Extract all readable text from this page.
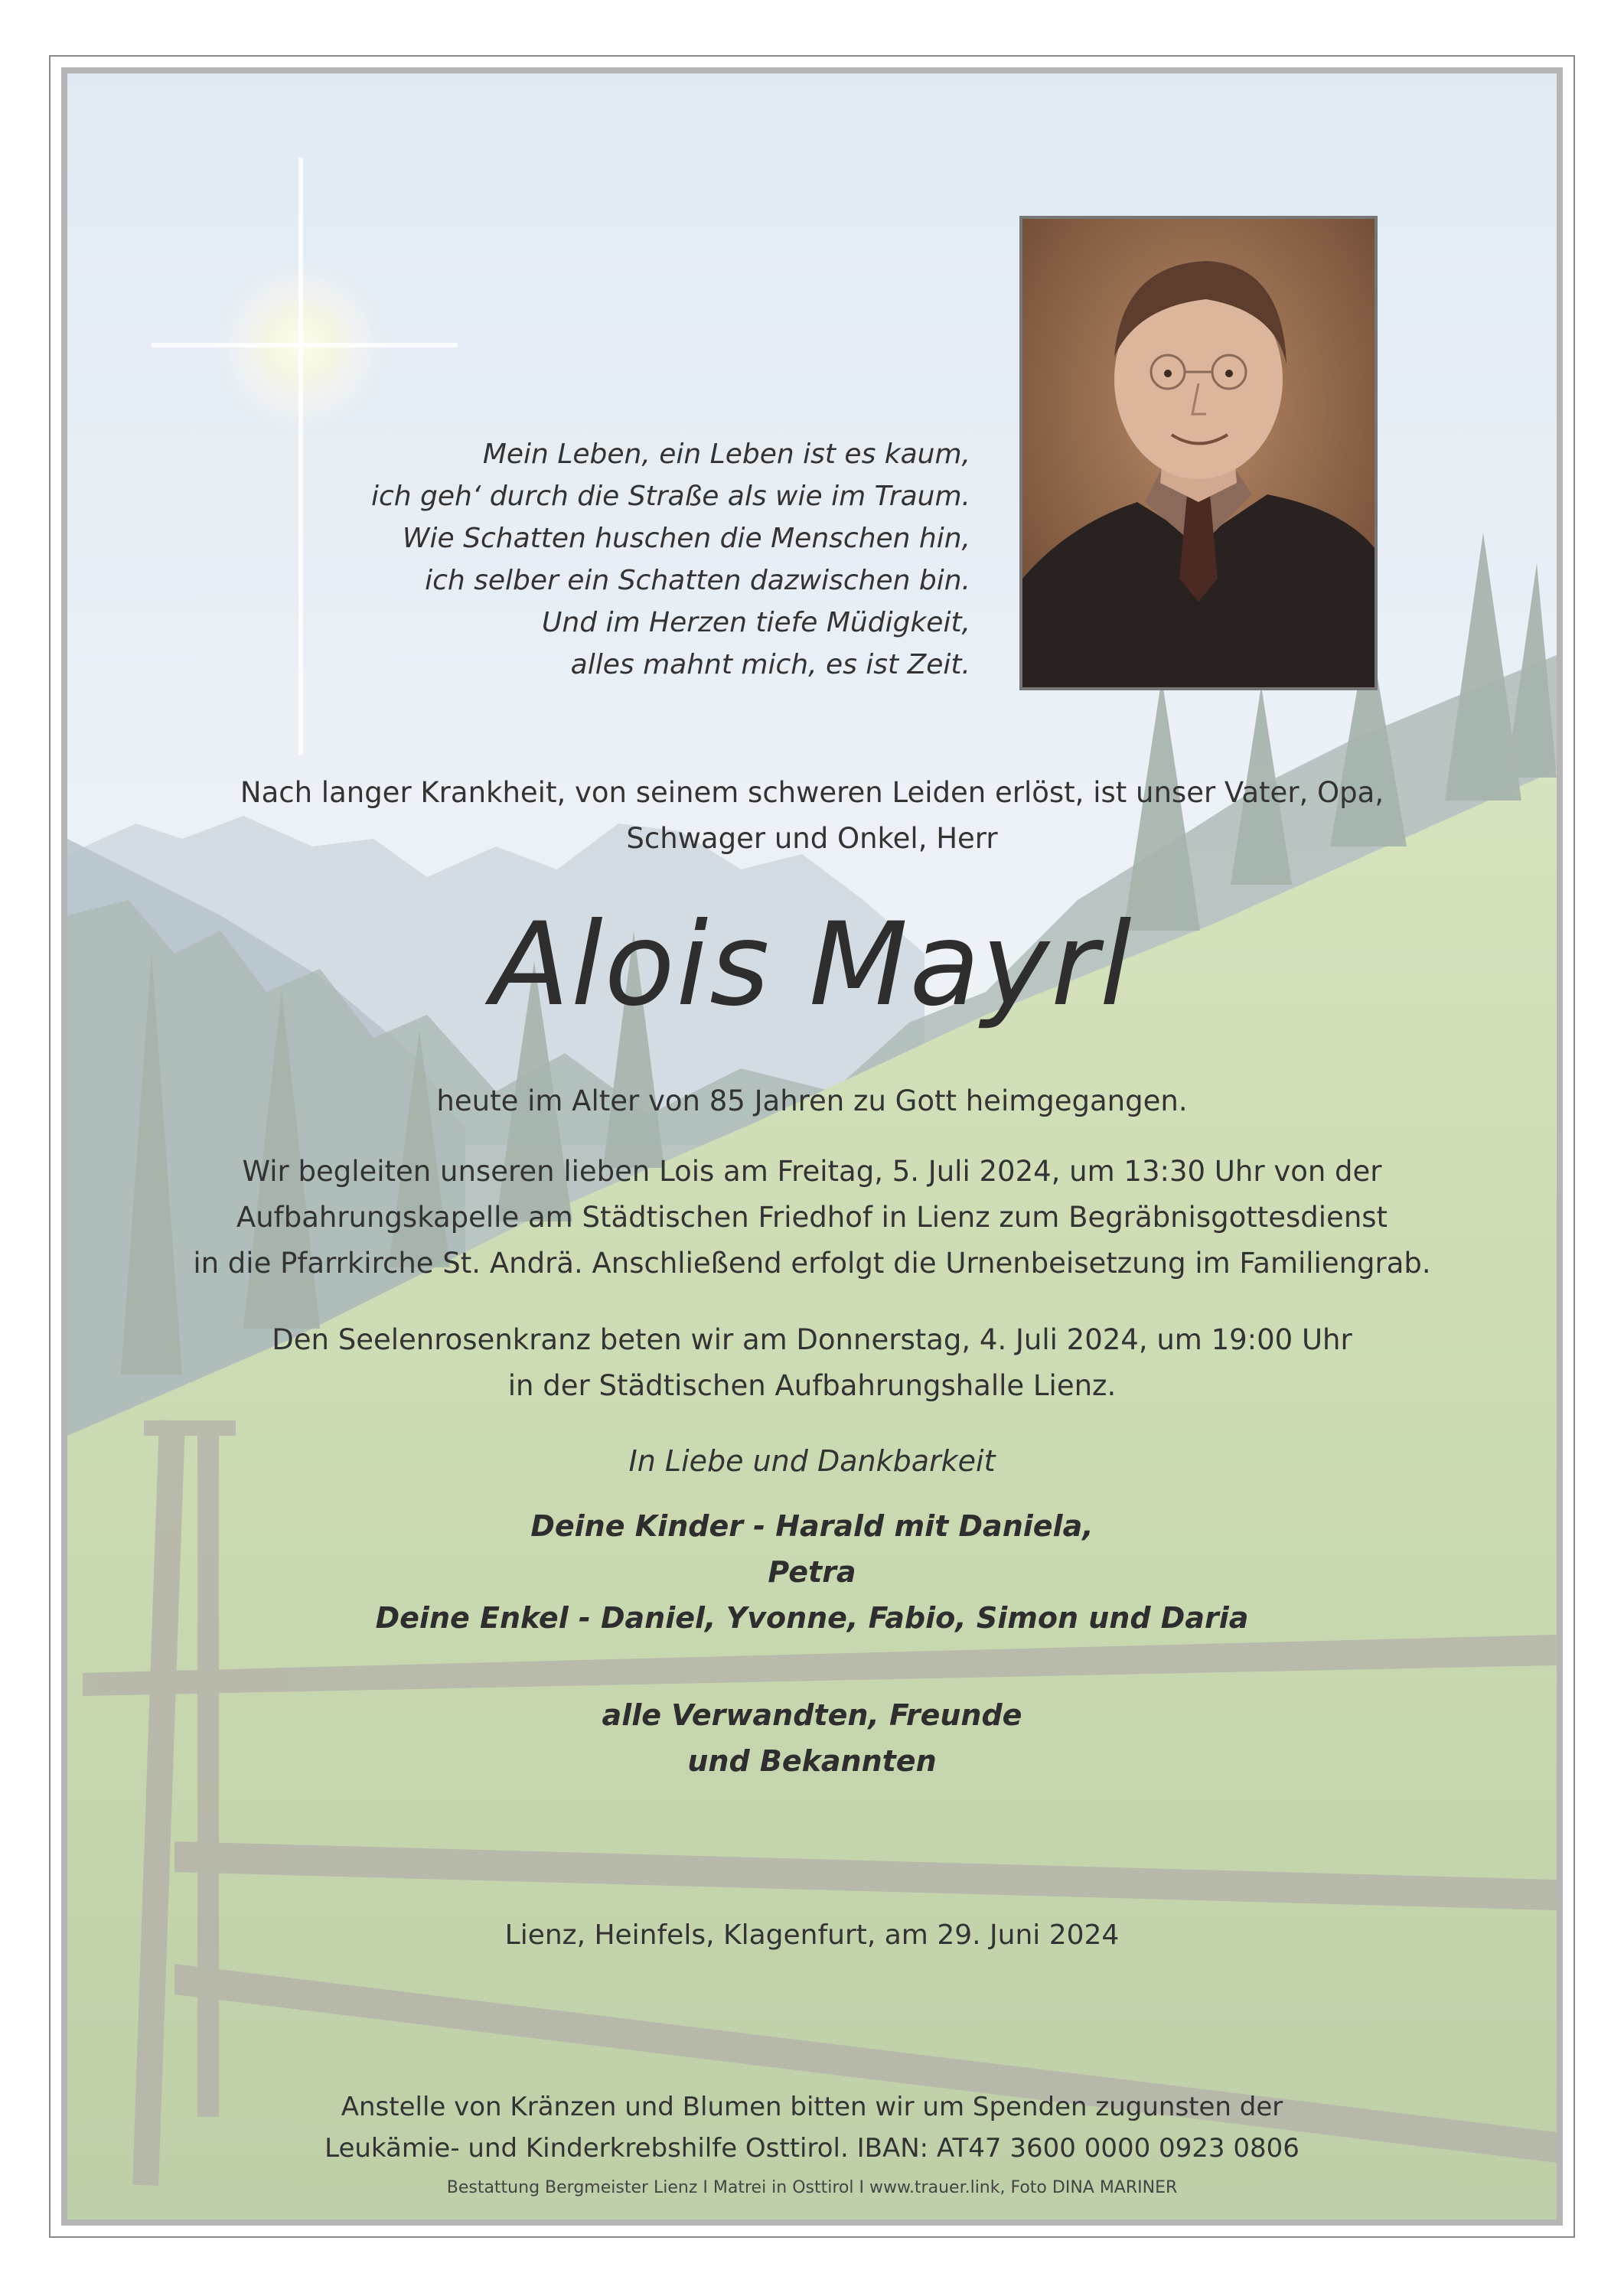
Mein Leben, ein Leben ist es kaum,
ich geh‘ durch die Straße als wie im Traum.
Wie Schatten huschen die Menschen hin,
ich selber ein Schatten dazwischen bin.
Und im Herzen tiefe Müdigkeit,
alles mahnt mich, es ist Zeit.
Nach langer Krankheit, von seinem schweren Leiden erlöst, ist unser Vater, Opa,
Schwager und Onkel, Herr
Alois Mayrl
heute im Alter von 85 Jahren zu Gott heimgegangen.
Wir begleiten unseren lieben Lois am Freitag, 5. Juli 2024, um 13:30 Uhr von der
Aufbahrungskapelle am Städtischen Friedhof in Lienz zum Begräbnisgottesdienst
in die Pfarrkirche St. Andrä. Anschließend erfolgt die Urnenbeisetzung im Familiengrab.
Den Seelenrosenkranz beten wir am Donnerstag, 4. Juli 2024, um 19:00 Uhr
in der Städtischen Aufbahrungshalle Lienz.
In Liebe und Dankbarkeit
Deine Kinder - Harald mit Daniela,
Petra
Deine Enkel - Daniel, Yvonne, Fabio, Simon und Daria
alle Verwandten, Freunde
und Bekannten
Lienz, Heinfels, Klagenfurt, am 29. Juni 2024
Anstelle von Kränzen und Blumen bitten wir um Spenden zugunsten der
Leukämie- und Kinderkrebshilfe Osttirol. IBAN: AT47 3600 0000 0923 0806
Bestattung Bergmeister Lienz I Matrei in Osttirol I www.trauer.link, Foto DINA MARINER
